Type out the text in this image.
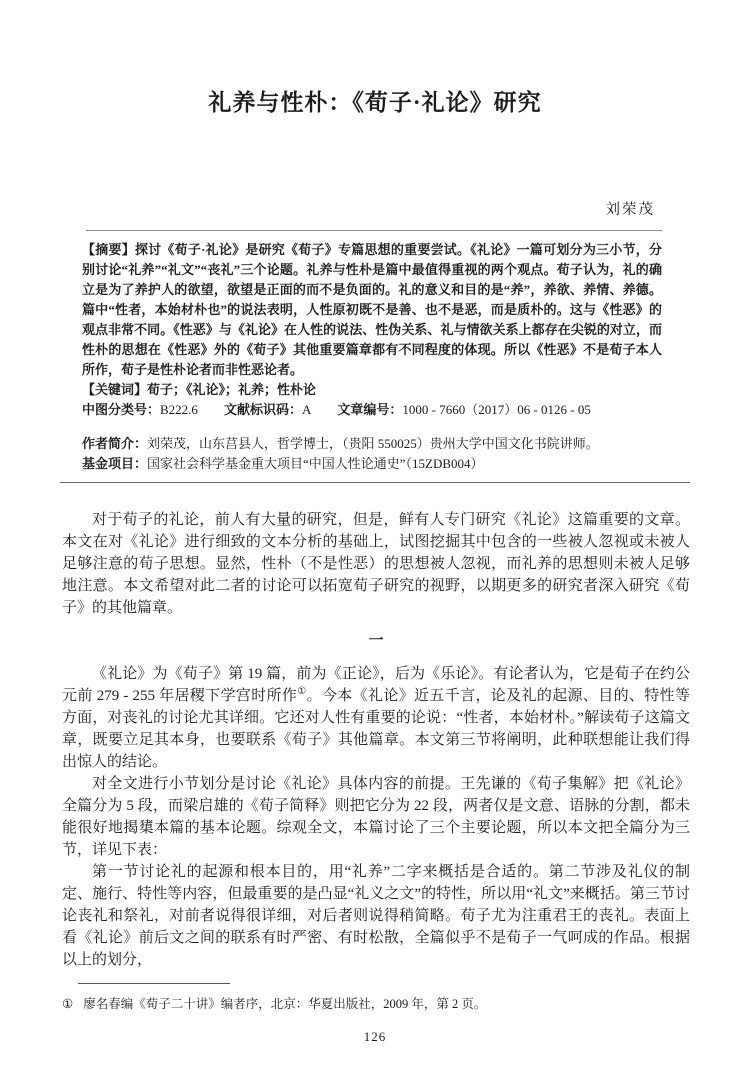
礼养与性朴：《荀子·礼论》研究
刘荣茂

【摘要】探讨《荀子·礼论》是研究《荀子》专篇思想的重要尝试。《礼论》一篇可划分为三小节，分别讨论“礼养”“礼文”“丧礼”三个论题。礼养与性朴是篇中最值得重视的两个观点。荀子认为，礼的确立是为了养护人的欲望，欲望是正面的而不是负面的。礼的意义和目的是“养”，养欲、养情、养德。篇中“性者，本始材朴也”的说法表明，人性原初既不是善、也不是恶，而是质朴的。这与《性恶》的观点非常不同。《性恶》与《礼论》在人性的说法、性伪关系、礼与情欲关系上都存在尖锐的对立，而性朴的思想在《性恶》外的《荀子》其他重要篇章都有不同程度的体现。所以《性恶》不是荀子本人所作，荀子是性朴论者而非性恶论者。

【关键词】荀子；《礼论》；礼养；性朴论

中图分类号：B222.6 文献标识码：A 文章编号：1000 - 7660（2017）06 - 0126 - 05

作者简介：刘荣茂，山东莒县人，哲学博士，（贵阳 550025）贵州大学中国文化书院讲师。

基金项目：国家社会科学基金重大项目“中国人性论通史”（15ZDB004）

对于荀子的礼论，前人有大量的研究，但是，鲜有人专门研究《礼论》这篇重要的文章。本文在对《礼论》进行细致的文本分析的基础上，试图挖掘其中包含的一些被人忽视或未被人足够注意的荀子思想。显然，性朴（不是性恶）的思想被人忽视，而礼养的思想则未被人足够地注意。本文希望对此二者的讨论可以拓宽荀子研究的视野，以期更多的研究者深入研究《荀子》的其他篇章。

一

《礼论》为《荀子》第 19 篇，前为《正论》，后为《乐论》。有论者认为，它是荀子在约公元前 279 - 255 年居稷下学宫时所作①。今本《礼论》近五千言，论及礼的起源、目的、特性等方面，对丧礼的讨论尤其详细。它还对人性有重要的论说：“性者，本始材朴。”解读荀子这篇文章，既要立足其本身，也要联系《荀子》其他篇章。本文第三节将阐明，此种联想能让我们得出惊人的结论。

对全文进行小节划分是讨论《礼论》具体内容的前提。王先谦的《荀子集解》把《礼论》全篇分为 5 段，而梁启雄的《荀子简释》则把它分为 22 段，两者仅是文意、语脉的分割，都未能很好地揭橥本篇的基本论题。综观全文，本篇讨论了三个主要论题，所以本文把全篇分为三节，详见下表：

第一节讨论礼的起源和根本目的，用“礼养”二字来概括是合适的。第二节涉及礼仪的制定、施行、特性等内容，但最重要的是凸显“礼义之文”的特性，所以用“礼文”来概括。第三节讨论丧礼和祭礼，对前者说得很详细，对后者则说得稍简略。荀子尤为注重君王的丧礼。表面上看《礼论》前后文之间的联系有时严密、有时松散，全篇似乎不是荀子一气呵成的作品。根据以上的划分，

① 廖名春编《荀子二十讲》编者序，北京：华夏出版社，2009 年，第 2 页。
126
